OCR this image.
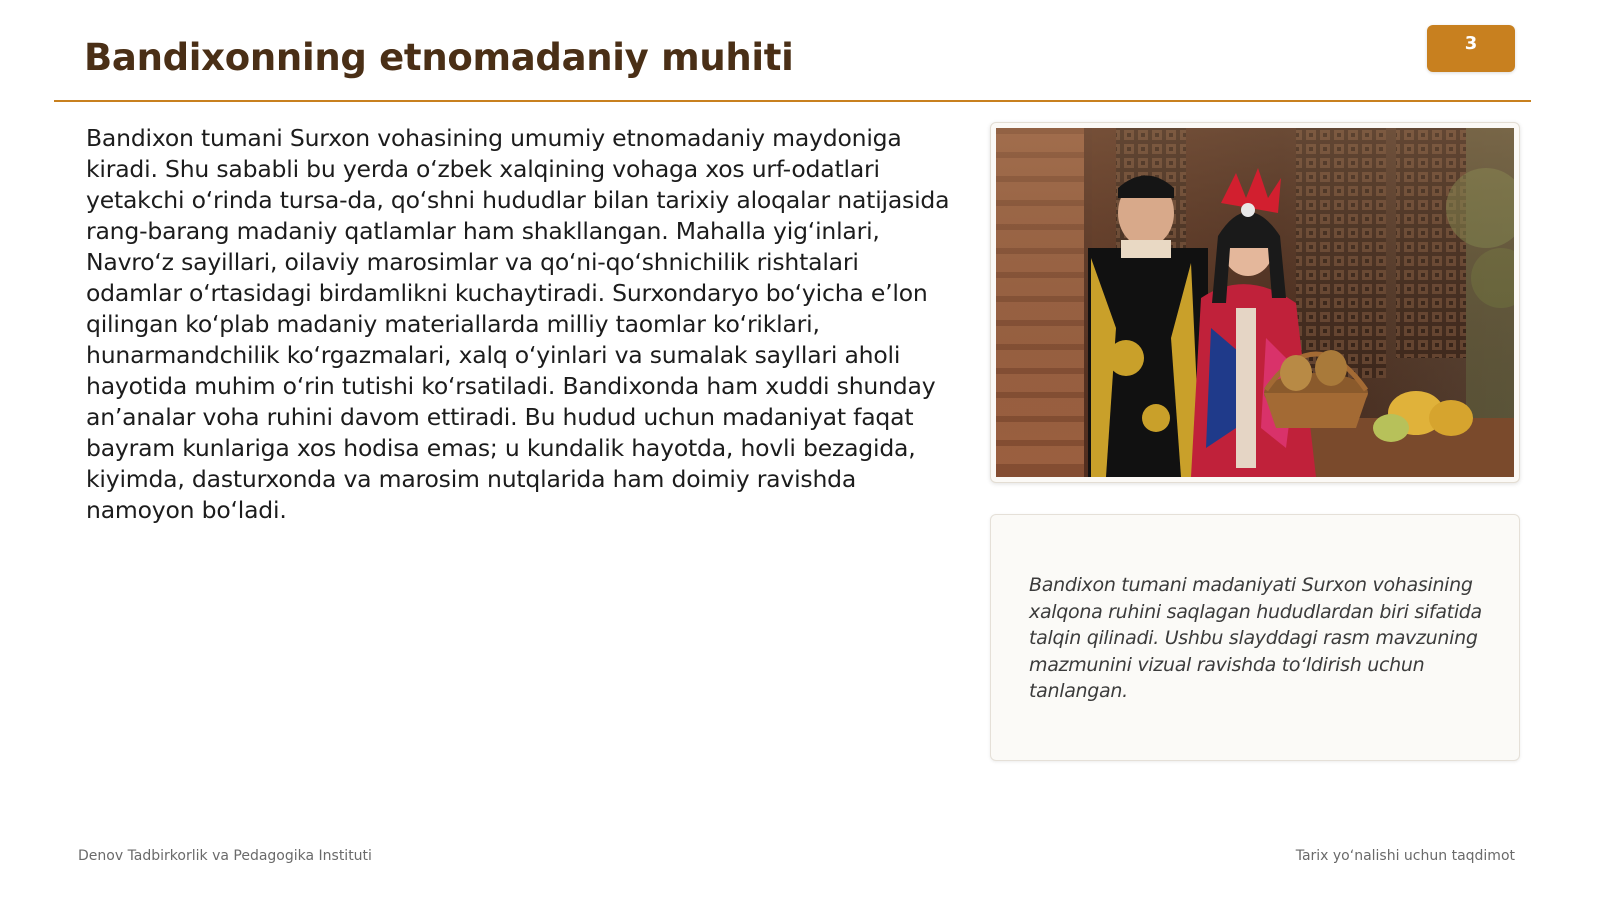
Bandixonning etnomadaniy muhiti	3
Bandixon tumani Surxon vohasining umumiy etnomadaniy maydoniga kiradi. Shu sababli bu yerda o‘zbek xalqining vohaga xos urf-odatlari yetakchi o‘rinda tursa-da, qo‘shni hududlar bilan tarixiy aloqalar natijasida rang-barang madaniy qatlamlar ham shakllangan. Mahalla yig‘inlari, Navro‘z sayillari, oilaviy marosimlar va qo‘ni-qo‘shnichilik rishtalari odamlar o‘rtasidagi birdamlikni kuchaytiradi. Surxondaryo bo‘yicha e’lon qilingan ko‘plab madaniy materiallarda milliy taomlar ko‘riklari, hunarmandchilik ko‘rgazmalari, xalq o‘yinlari va sumalak sayllari aholi hayotida muhim o‘rin tutishi ko‘rsatiladi. Bandixonda ham xuddi shunday an’analar voha ruhini davom ettiradi. Bu hudud uchun madaniyat faqat bayram kunlariga xos hodisa emas; u kundalik hayotda, hovli bezagida, kiyimda, dasturxonda va marosim nutqlarida ham doimiy ravishda namoyon bo‘ladi.
Bandixon tumani madaniyati Surxon vohasining xalqona ruhini saqlagan hududlardan biri sifatida talqin qilinadi. Ushbu slayddagi rasm mavzuning mazmunini vizual ravishda to‘ldirish uchun tanlangan.
Denov Tadbirkorlik va Pedagogika Instituti	Tarix yo‘nalishi uchun taqdimot
